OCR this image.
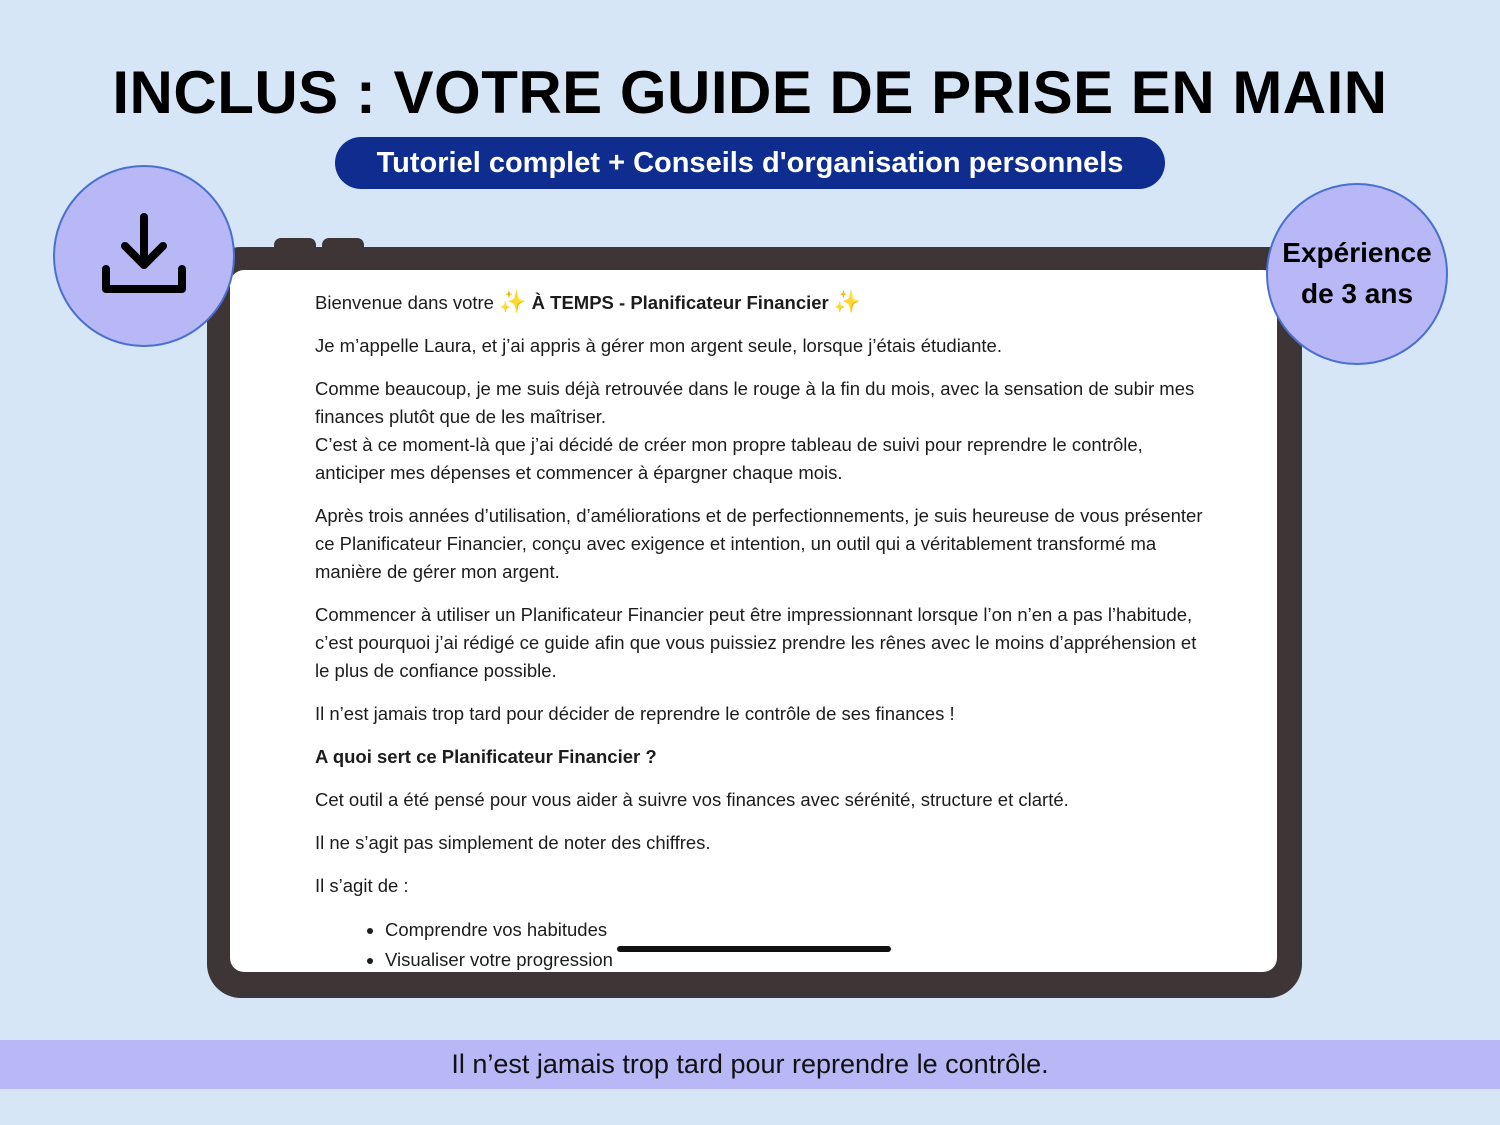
INCLUS : VOTRE GUIDE DE PRISE EN MAIN
Tutoriel complet + Conseils d'organisation personnels
Expérience
de 3 ans

Bienvenue dans votre ✨ À TEMPS - Planificateur Financier ✨

Je m’appelle Laura, et j’ai appris à gérer mon argent seule, lorsque j’étais étudiante.

Comme beaucoup, je me suis déjà retrouvée dans le rouge à la fin du mois, avec la sensation de subir mes finances plutôt que de les maîtriser.
C’est à ce moment-là que j’ai décidé de créer mon propre tableau de suivi pour reprendre le contrôle, anticiper mes dépenses et commencer à épargner chaque mois.

Après trois années d’utilisation, d’améliorations et de perfectionnements, je suis heureuse de vous présenter ce Planificateur Financier, conçu avec exigence et intention, un outil qui a véritablement transformé ma manière de gérer mon argent.

Commencer à utiliser un Planificateur Financier peut être impressionnant lorsque l’on n’en a pas l’habitude, c’est pourquoi j’ai rédigé ce guide afin que vous puissiez prendre les rênes avec le moins d’appréhension et le plus de confiance possible.

Il n’est jamais trop tard pour décider de reprendre le contrôle de ses finances !

A quoi sert ce Planificateur Financier ?

Cet outil a été pensé pour vous aider à suivre vos finances avec sérénité, structure et clarté.

Il ne s’agit pas simplement de noter des chiffres.

Il s’agit de :

• Comprendre vos habitudes
• Visualiser votre progression
Il n’est jamais trop tard pour reprendre le contrôle.
